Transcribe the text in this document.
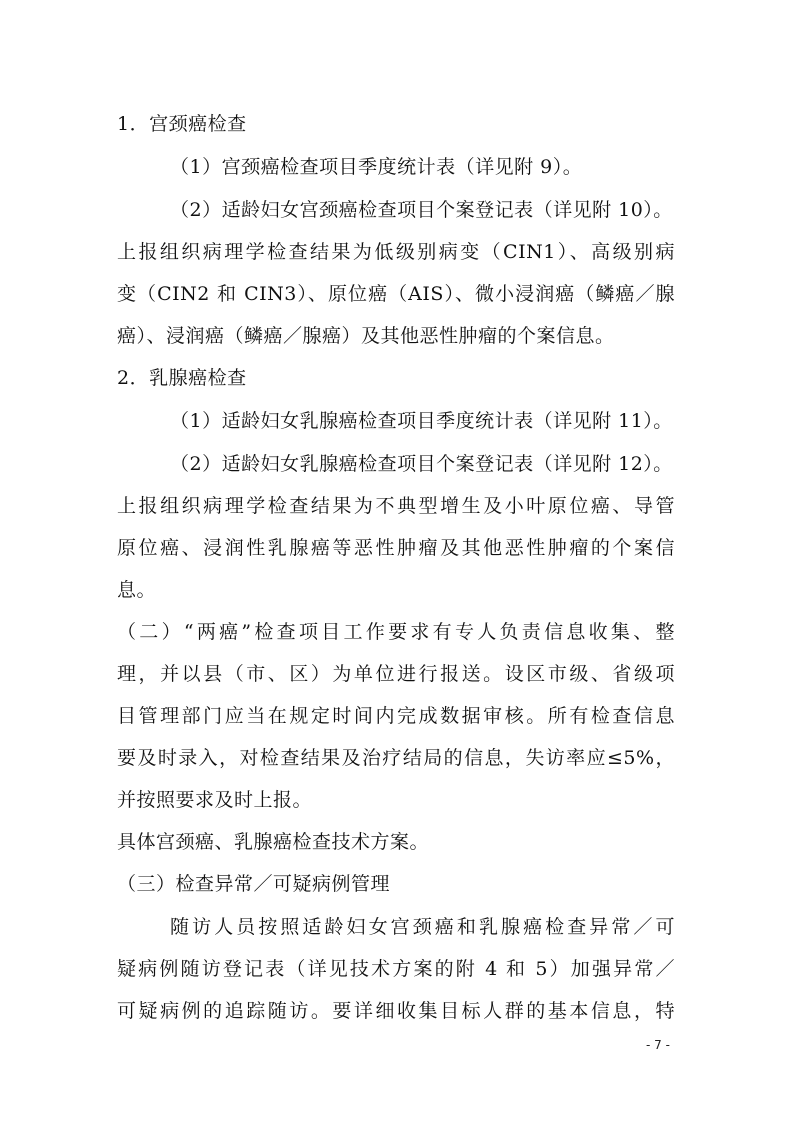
1．宫颈癌检查
（1）宫颈癌检查项目季度统计表（详见附 9）。
（2）适龄妇女宫颈癌检查项目个案登记表（详见附 10）。
上报组织病理学检查结果为低级别病变（CIN1）、高级别病
变（CIN2 和 CIN3）、原位癌（AIS）、微小浸润癌（鳞癌／腺
癌）、浸润癌（鳞癌／腺癌）及其他恶性肿瘤的个案信息。
2．乳腺癌检查
（1）适龄妇女乳腺癌检查项目季度统计表（详见附 11）。
（2）适龄妇女乳腺癌检查项目个案登记表（详见附 12）。
上报组织病理学检查结果为不典型增生及小叶原位癌、导管
原位癌、浸润性乳腺癌等恶性肿瘤及其他恶性肿瘤的个案信
息。
（二）“两癌”检查项目工作要求有专人负责信息收集、整
理，并以县（市、区）为单位进行报送。设区市级、省级项
目管理部门应当在规定时间内完成数据审核。所有检查信息
要及时录入，对检查结果及治疗结局的信息，失访率应≤5%，
并按照要求及时上报。
具体宫颈癌、乳腺癌检查技术方案。
（三）检查异常／可疑病例管理
随访人员按照适龄妇女宫颈癌和乳腺癌检查异常／可
疑病例随访登记表（详见技术方案的附 4 和 5）加强异常／
可疑病例的追踪随访。要详细收集目标人群的基本信息，特
- 7 -
